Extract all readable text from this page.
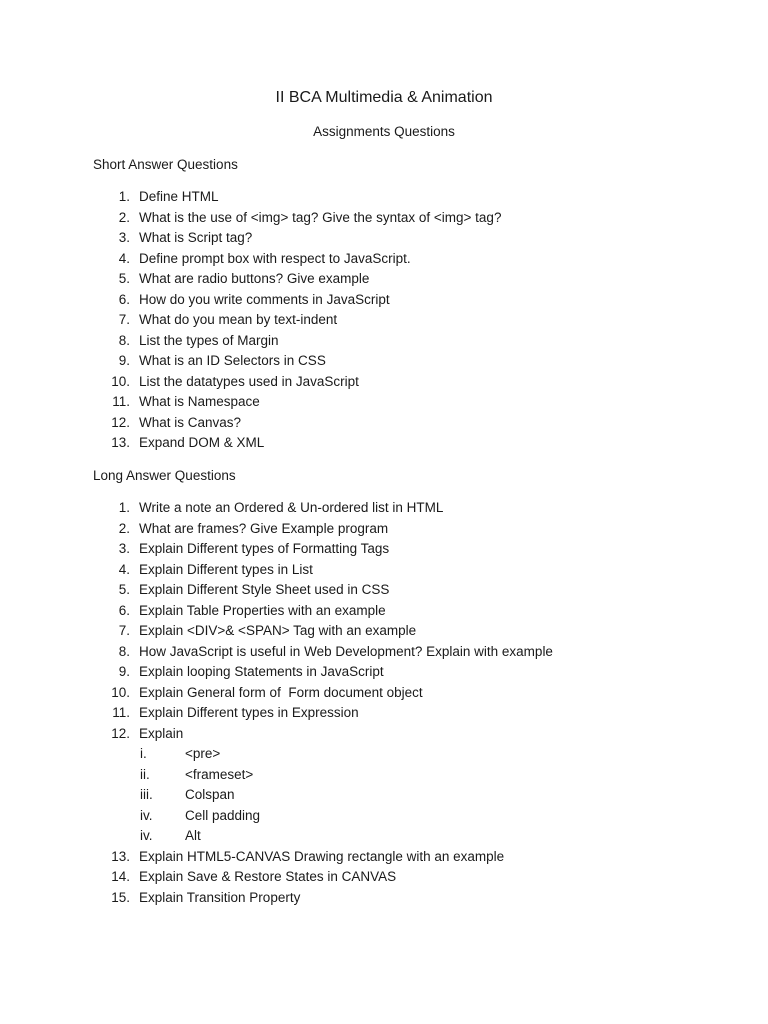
II BCA Multimedia & Animation
Assignments Questions
Short Answer Questions
1. Define HTML
2. What is the use of <img> tag? Give the syntax of <img> tag?
3. What is Script tag?
4. Define prompt box with respect to JavaScript.
5. What are radio buttons? Give example
6. How do you write comments in JavaScript
7. What do you mean by text-indent
8. List the types of Margin
9. What is an ID Selectors in CSS
10. List the datatypes used in JavaScript
11. What is Namespace
12. What is Canvas?
13. Expand DOM & XML
Long Answer Questions
1. Write a note an Ordered & Un-ordered list in HTML
2. What are frames? Give Example program
3. Explain Different types of Formatting Tags
4. Explain Different types in List
5. Explain Different Style Sheet used in CSS
6. Explain Table Properties with an example
7. Explain <DIV>& <SPAN> Tag with an example
8. How JavaScript is useful in Web Development? Explain with example
9. Explain looping Statements in JavaScript
10. Explain General form of  Form document object
11. Explain Different types in Expression
12. Explain
i.	<pre>
ii.	<frameset>
iii. Colspan
iv. Cell padding
iv. Alt
13. Explain HTML5-CANVAS Drawing rectangle with an example
14. Explain Save & Restore States in CANVAS
15. Explain Transition Property
